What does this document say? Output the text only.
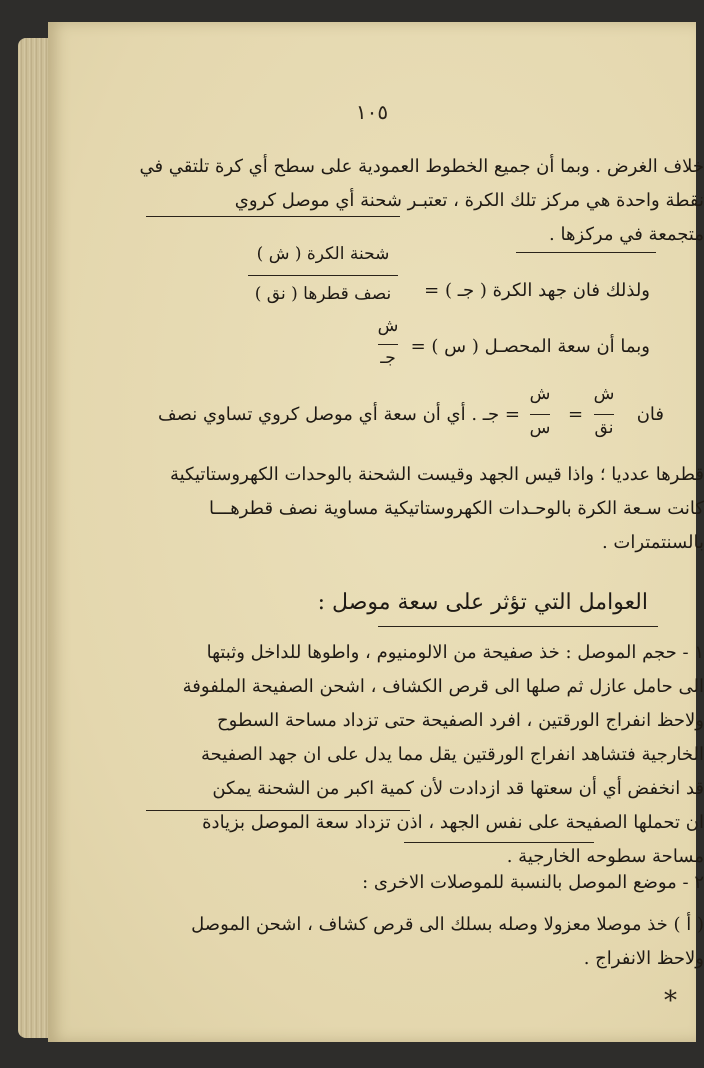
١٠٥
خلاف الغرض . وبما أن جميع الخطوط العمودية على سطح أي كرة تلتقي في
نقطة واحدة هي مركز تلك الكرة ، تعتبـر شحنة أي موصل كروي
متجمعة في مركزها .
ولذلك فان جهد الكرة ( جـ ) =
شحنة الكرة ( ش )
نصف قطرها ( نق )
وبما أن سعة المحصـل ( س ) =
ش
جـ
فان
ش
نق
=
ش
س
= جـ . أي أن سعة أي موصل كروي تساوي نصف
قطرها عدديا ؛ واذا قيس الجهد وقيست الشحنة بالوحدات الكهروستاتيكية
كانت سـعة الكرة بالوحـدات الكهروستاتيكية مساوية نصف قطرهـــا
بالسنتمترات .
العوامل التي تؤثر على سعة موصل :
١ - حجم الموصل : خذ صفيحة من الالومنيوم ، واطوها للداخل وثبتها
الى حامل عازل ثم صلها الى قرص الكشاف ، اشحن الصفيحة الملفوفة
ولاحظ انفراج الورقتين ، افرد الصفيحة حتى تزداد مساحة السطوح
الخارجية فتشاهد انفراج الورقتين يقل مما يدل على ان جهد الصفيحة
قد انخفض أي أن سعتها قد ازدادت لأن كمية اكبر من الشحنة يمكن
ان تحملها الصفيحة على نفس الجهد ، اذن تزداد سعة الموصل بزيادة
مساحة سطوحه الخارجية .
٢ - موضع الموصل بالنسبة للموصلات الاخرى :
( أ ) خذ موصلا معزولا وصله بسلك الى قرص كشاف ، اشحن الموصل
ولاحظ الانفراج .
*
